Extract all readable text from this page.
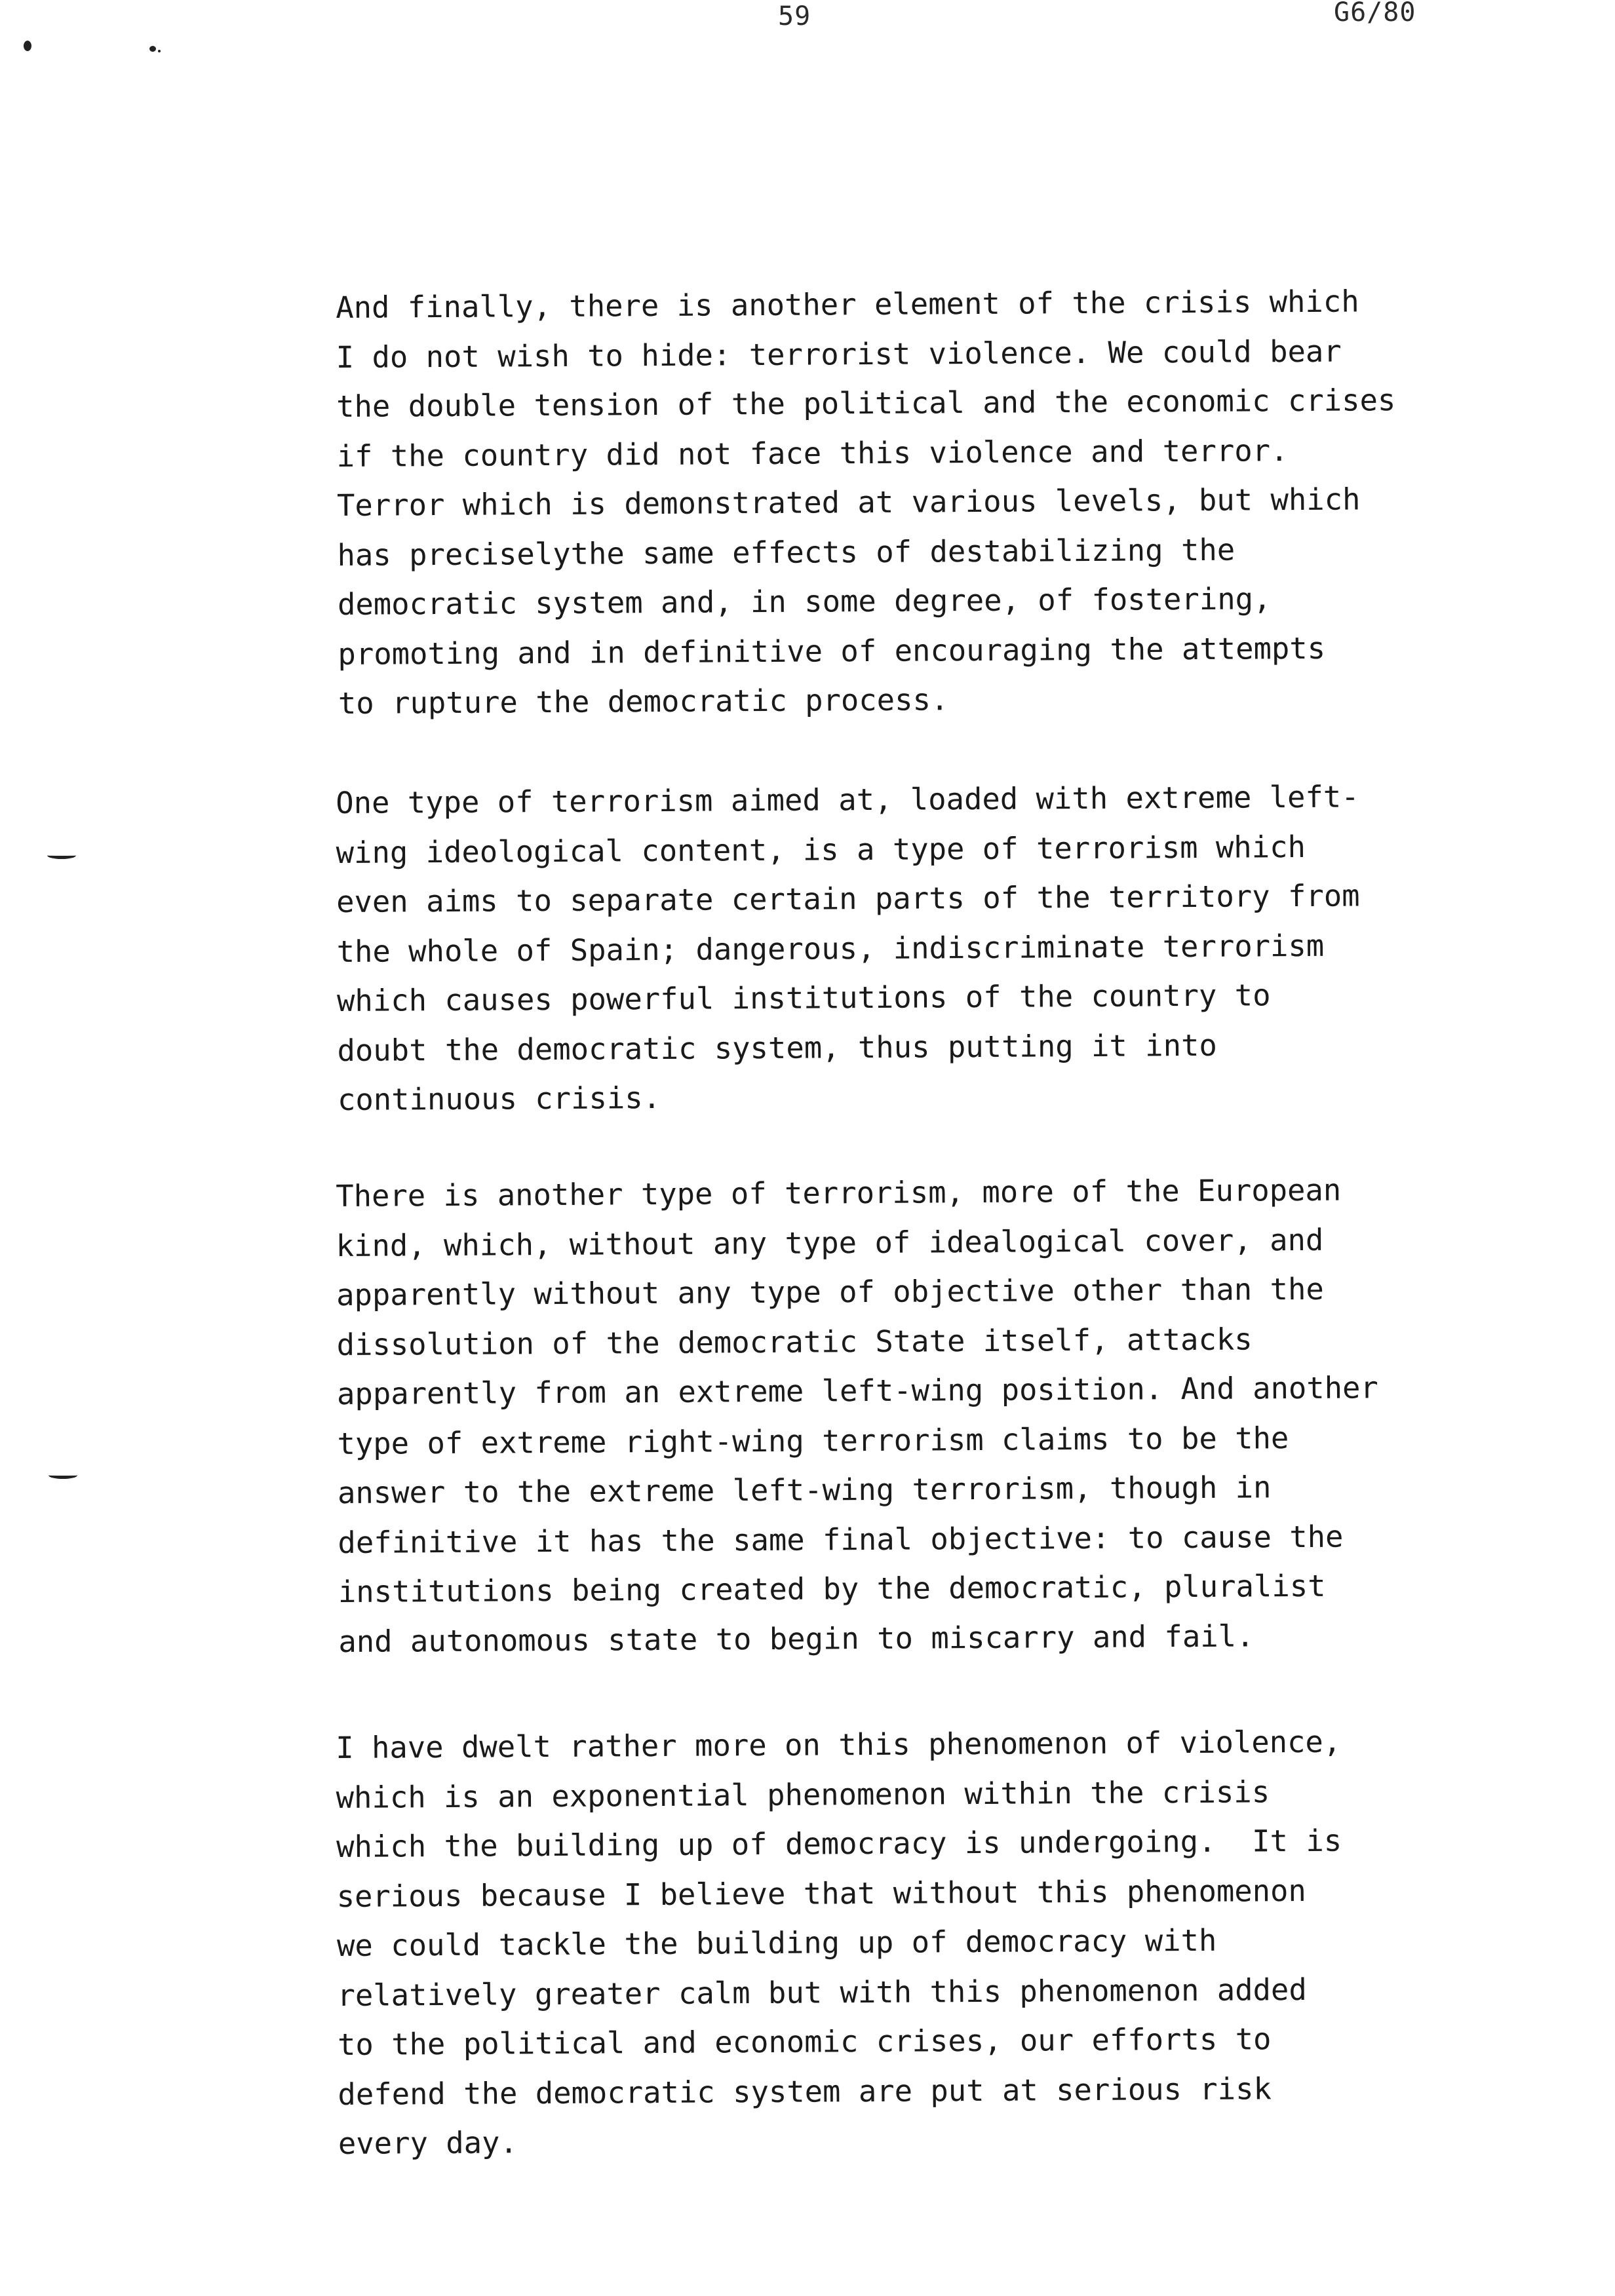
59	G6/80
And finally, there is another element of the crisis which
I do not wish to hide: terrorist violence. We could bear
the double tension of the political and the economic crises
if the country did not face this violence and terror.
Terror which is demonstrated at various levels, but which
has preciselythe same effects of destabilizing the
democratic system and, in some degree, of fostering,
promoting and in definitive of encouraging the attempts
to rupture the democratic process.
One type of terrorism aimed at, loaded with extreme left-
wing ideological content, is a type of terrorism which
even aims to separate certain parts of the territory from
the whole of Spain; dangerous, indiscriminate terrorism
which causes powerful institutions of the country to
doubt the democratic system, thus putting it into
continuous crisis.
There is another type of terrorism, more of the European
kind, which, without any type of idealogical cover, and
apparently without any type of objective other than the
dissolution of the democratic State itself, attacks
apparently from an extreme left-wing position. And another
type of extreme right-wing terrorism claims to be the
answer to the extreme left-wing terrorism, though in
definitive it has the same final objective: to cause the
institutions being created by the democratic, pluralist
and autonomous state to begin to miscarry and fail.
I have dwelt rather more on this phenomenon of violence,
which is an exponential phenomenon within the crisis
which the building up of democracy is undergoing.  It is
serious because I believe that without this phenomenon
we could tackle the building up of democracy with
relatively greater calm but with this phenomenon added
to the political and economic crises, our efforts to
defend the democratic system are put at serious risk
every day.
